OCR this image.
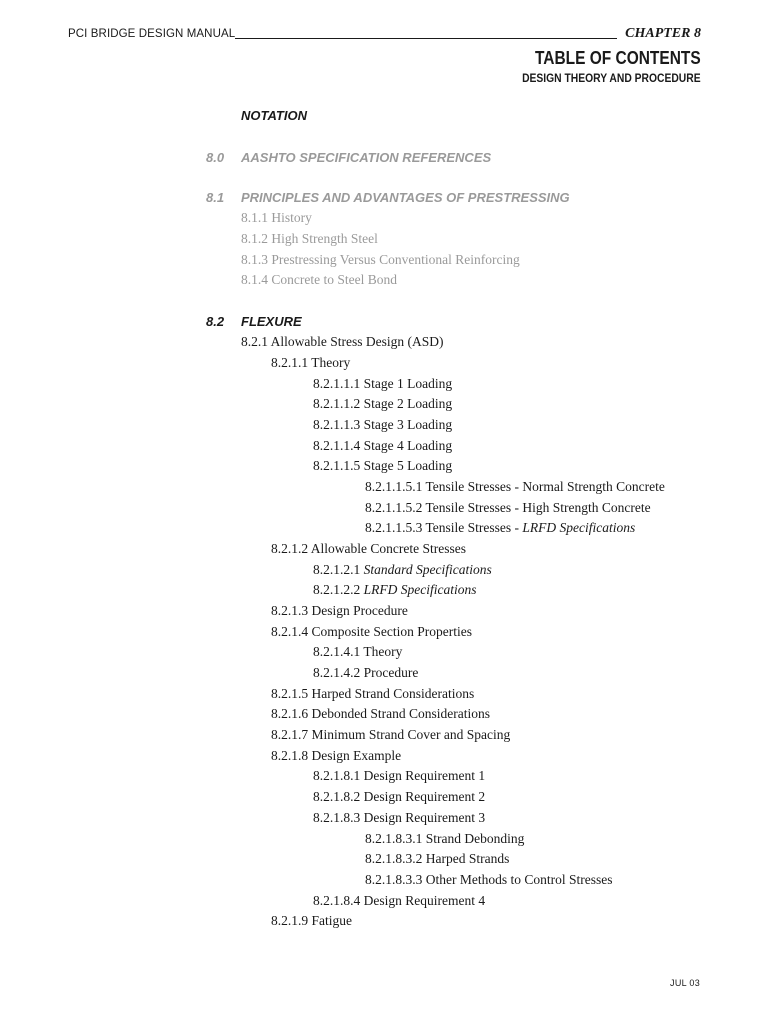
PCI BRIDGE DESIGN MANUAL	CHAPTER 8
TABLE OF CONTENTS
DESIGN THEORY AND PROCEDURE
NOTATION
8.0 AASHTO SPECIFICATION REFERENCES
8.1 PRINCIPLES AND ADVANTAGES OF PRESTRESSING
8.1.1 History
8.1.2 High Strength Steel
8.1.3 Prestressing Versus Conventional Reinforcing
8.1.4 Concrete to Steel Bond
8.2 FLEXURE
8.2.1 Allowable Stress Design (ASD)
8.2.1.1 Theory
8.2.1.1.1 Stage 1 Loading
8.2.1.1.2 Stage 2 Loading
8.2.1.1.3 Stage 3 Loading
8.2.1.1.4 Stage 4 Loading
8.2.1.1.5 Stage 5 Loading
8.2.1.1.5.1 Tensile Stresses - Normal Strength Concrete
8.2.1.1.5.2 Tensile Stresses - High Strength Concrete
8.2.1.1.5.3 Tensile Stresses - LRFD Specifications
8.2.1.2 Allowable Concrete Stresses
8.2.1.2.1 Standard Specifications
8.2.1.2.2 LRFD Specifications
8.2.1.3 Design Procedure
8.2.1.4 Composite Section Properties
8.2.1.4.1 Theory
8.2.1.4.2 Procedure
8.2.1.5 Harped Strand Considerations
8.2.1.6 Debonded Strand Considerations
8.2.1.7 Minimum Strand Cover and Spacing
8.2.1.8 Design Example
8.2.1.8.1 Design Requirement 1
8.2.1.8.2 Design Requirement 2
8.2.1.8.3 Design Requirement 3
8.2.1.8.3.1 Strand Debonding
8.2.1.8.3.2 Harped Strands
8.2.1.8.3.3 Other Methods to Control Stresses
8.2.1.8.4 Design Requirement 4
8.2.1.9 Fatigue
JUL 03
